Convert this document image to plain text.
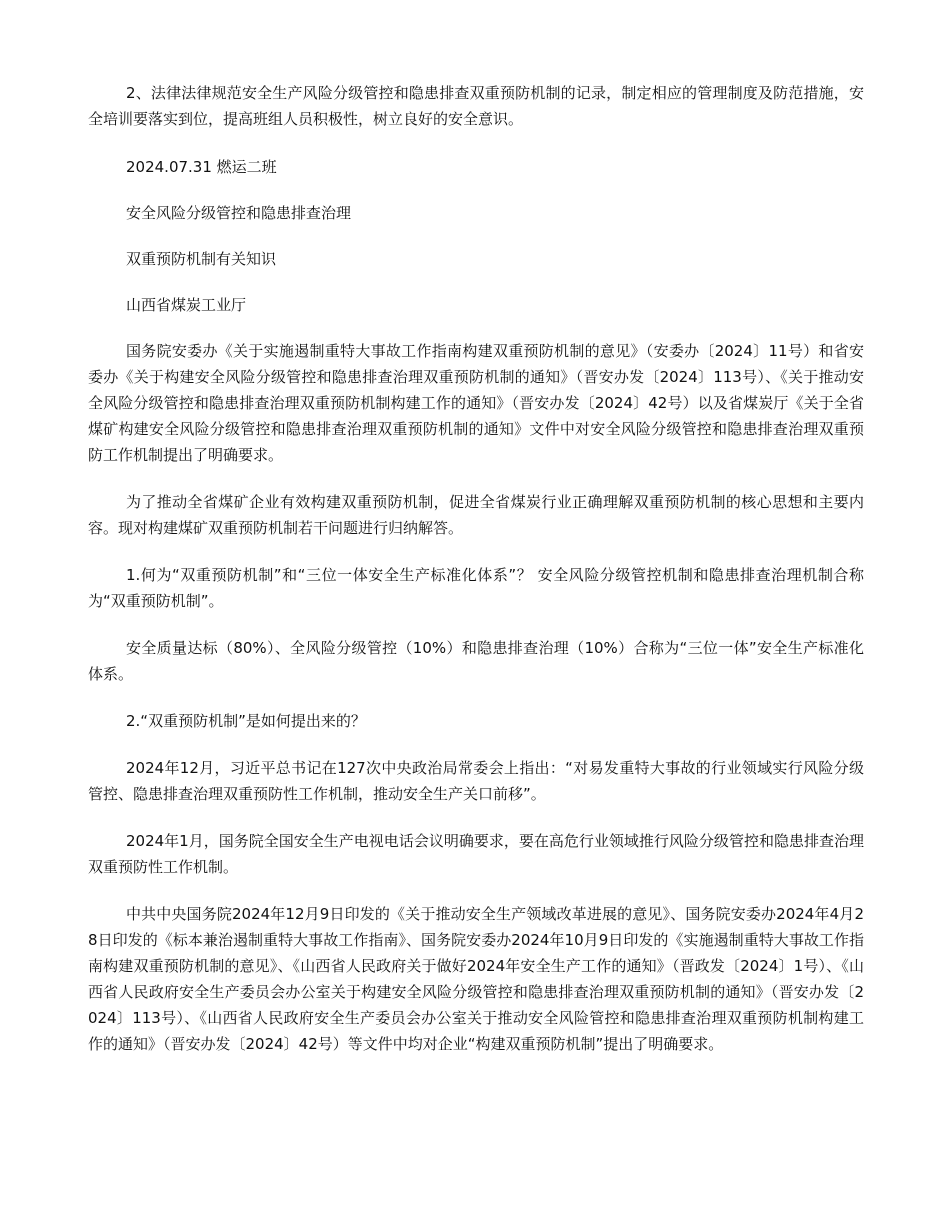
2、法律法律规范安全生产风险分级管控和隐患排查双重预防机制的记录，制定相应的管理制度及防范措施，安全培训要落实到位，提高班组人员积极性，树立良好的安全意识。

2024.07.31 燃运二班

安全风险分级管控和隐患排查治理

双重预防机制有关知识

山西省煤炭工业厅

国务院安委办《关于实施遏制重特大事故工作指南构建双重预防机制的意见》（安委办〔2024〕11号）和省安委办《关于构建安全风险分级管控和隐患排查治理双重预防机制的通知》（晋安办发〔2024〕113号）、《关于推动安全风险分级管控和隐患排查治理双重预防机制构建工作的通知》（晋安办发〔2024〕42号）以及省煤炭厅《关于全省煤矿构建安全风险分级管控和隐患排查治理双重预防机制的通知》文件中对安全风险分级管控和隐患排查治理双重预防工作机制提出了明确要求。

为了推动全省煤矿企业有效构建双重预防机制，促进全省煤炭行业正确理解双重预防机制的核心思想和主要内容。现对构建煤矿双重预防机制若干问题进行归纳解答。

1.何为“双重预防机制”和“三位一体安全生产标准化体系”？ 安全风险分级管控机制和隐患排查治理机制合称为“双重预防机制”。

安全质量达标（80%）、全风险分级管控（10%）和隐患排查治理（10%）合称为“三位一体”安全生产标准化体系。

2.“双重预防机制”是如何提出来的？

2024年12月，习近平总书记在127次中央政治局常委会上指出：“对易发重特大事故的行业领域实行风险分级管控、隐患排查治理双重预防性工作机制，推动安全生产关口前移”。

2024年1月，国务院全国安全生产电视电话会议明确要求，要在高危行业领域推行风险分级管控和隐患排查治理双重预防性工作机制。

中共中央国务院2024年12月9日印发的《关于推动安全生产领域改革进展的意见》、国务院安委办2024年4月28日印发的《标本兼治遏制重特大事故工作指南》、国务院安委办2024年10月9日印发的《实施遏制重特大事故工作指南构建双重预防机制的意见》、《山西省人民政府关于做好2024年安全生产工作的通知》（晋政发〔2024〕1号）、《山西省人民政府安全生产委员会办公室关于构建安全风险分级管控和隐患排查治理双重预防机制的通知》（晋安办发〔2024〕113号）、《山西省人民政府安全生产委员会办公室关于推动安全风险管控和隐患排查治理双重预防机制构建工作的通知》（晋安办发〔2024〕42号）等文件中均对企业“构建双重预防机制”提出了明确要求。
